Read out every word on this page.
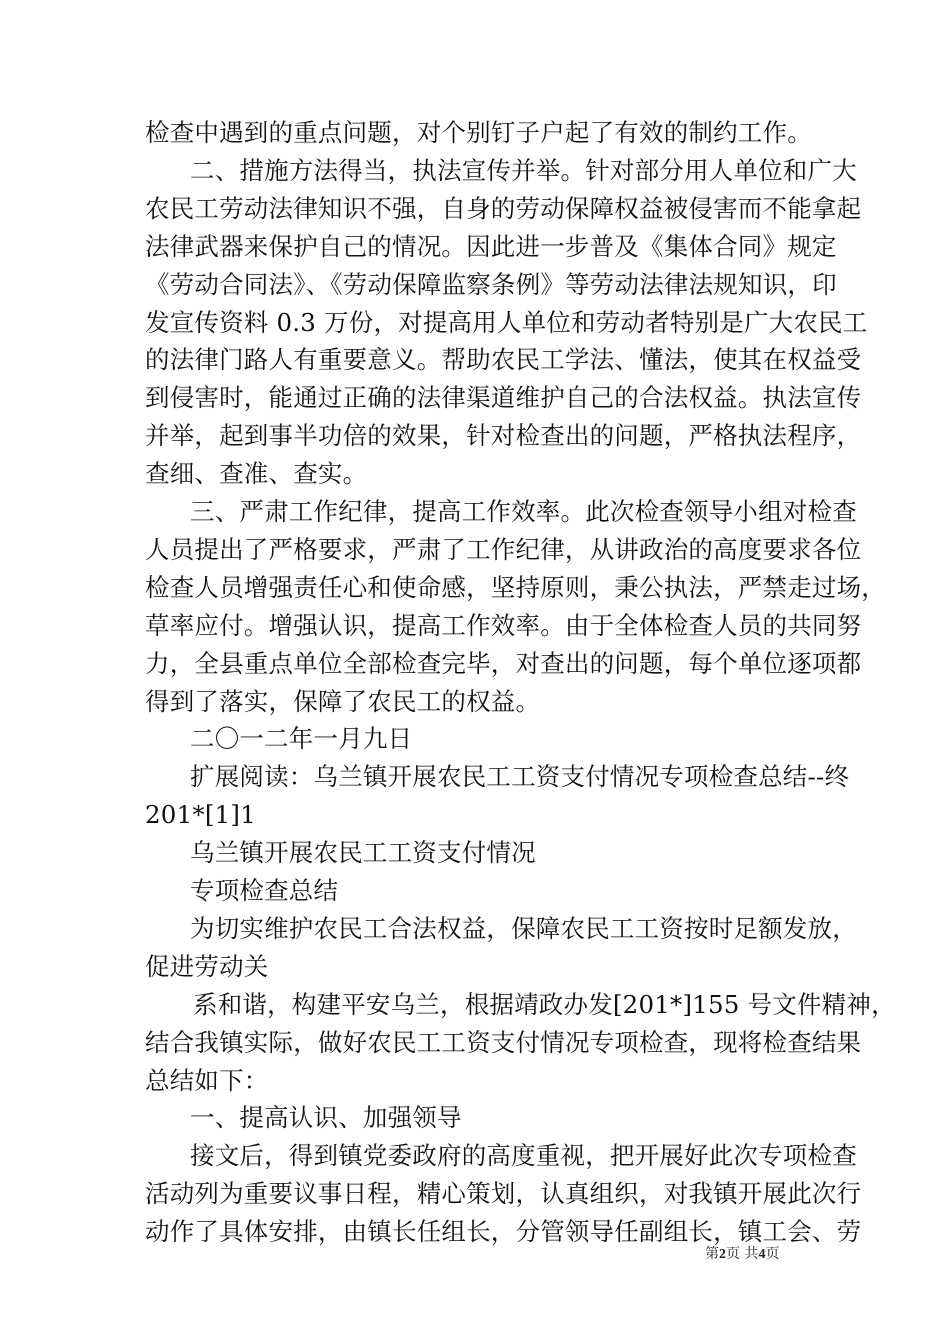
检查中遇到的重点问题，对个别钉子户起了有效的制约工作。
二、措施方法得当，执法宣传并举。针对部分用人单位和广大
农民工劳动法律知识不强，自身的劳动保障权益被侵害而不能拿起
法律武器来保护自己的情况。因此进一步普及《集体合同》规定
《劳动合同法》、《劳动保障监察条例》等劳动法律法规知识，印
发宣传资料 0.3 万份，对提高用人单位和劳动者特别是广大农民工
的法律门路人有重要意义。帮助农民工学法、懂法，使其在权益受
到侵害时，能通过正确的法律渠道维护自己的合法权益。执法宣传
并举，起到事半功倍的效果，针对检查出的问题，严格执法程序，
查细、查准、查实。
三、严肃工作纪律，提高工作效率。此次检查领导小组对检查
人员提出了严格要求，严肃了工作纪律，从讲政治的高度要求各位
检查人员增强责任心和使命感，坚持原则，秉公执法，严禁走过场，
草率应付。增强认识，提高工作效率。由于全体检查人员的共同努
力，全县重点单位全部检查完毕，对查出的问题，每个单位逐项都
得到了落实，保障了农民工的权益。
二〇一二年一月九日
扩展阅读：乌兰镇开展农民工工资支付情况专项检查总结--终
201*[1]1
乌兰镇开展农民工工资支付情况
专项检查总结
为切实维护农民工合法权益，保障农民工工资按时足额发放，
促进劳动关
系和谐，构建平安乌兰，根据靖政办发[201*]155 号文件精神，
结合我镇实际，做好农民工工资支付情况专项检查，现将检查结果
总结如下：
一、提高认识、加强领导
接文后，得到镇党委政府的高度重视，把开展好此次专项检查
活动列为重要议事日程，精心策划，认真组织，对我镇开展此次行
动作了具体安排，由镇长任组长，分管领导任副组长，镇工会、劳
第2页 共4页
